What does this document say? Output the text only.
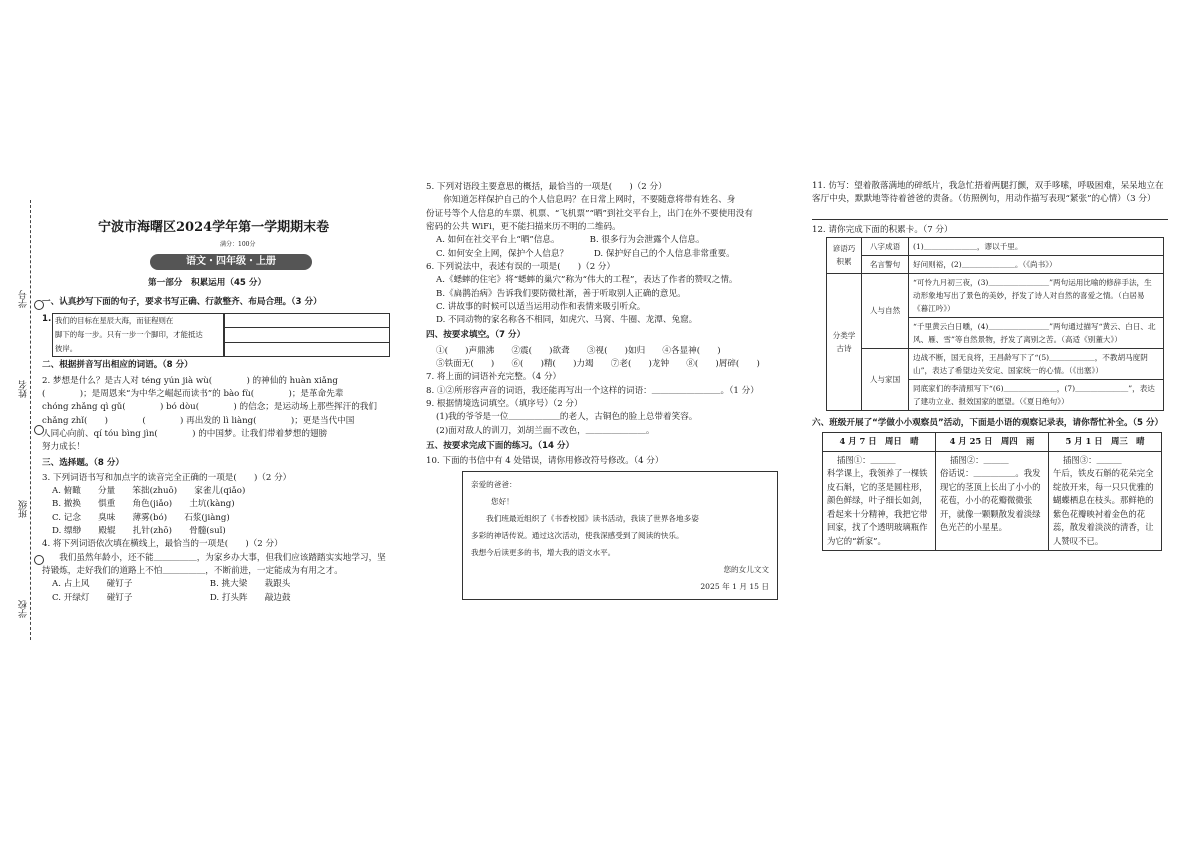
学号
姓名
班级
学校
宁波市海曙区2024学年第一学期期末卷
满分：100分
语文・四年级・上册
第一部分　积累运用（45 分）

一、认真抄写下面的句子，要求书写正确、行款整齐、布局合理。（3 分）

1. 我们的目标在星辰大海，而征程则在
脚下的每一步。只有一步一个脚印，才能抵达
彼岸。

二、根据拼音写出相应的词语。（8 分）

2. 梦想是什么？是古人对 téng yún jià wù(　　　　) 的神仙的 huàn xiǎng
(　　　　)；是周恩来“为中华之崛起而读书”的 bào fù(　　　　)；是革命先辈
chóng zhǎng qì gǔ(　　　　) bó dòu(　　　　) 的信念；是运动场上那些挥汗的我们
chǎng zhǐ(　　)　　　　(　　　　) 再出发的 lì liàng(　　　　)；更是当代中国
人同心向前、qí tóu bìng jìn(　　　　) 的中国梦。让我们带着梦想的翅膀
努力成长！

三、选择题。（8 分）

3. 下列词语书写和加点字的读音完全正确的一项是(　　)（2 分）
A. 俯瞰　　分量　　笨拙(zhuō)　　家雀儿(qiǎo)
B. 撤换　　惧重　　角色(jiǎo)　　土坑(kàng)
C. 记念　　臭味　　薄雾(bó)　　石浆(jiàng)
D. 缥缈　　殿辊　　扎针(zhō)　　骨髓(suǐ)
4. 将下列词语依次填在横线上，最恰当的一项是(　　)（2 分）
　　我们虽然年龄小，还不能＿＿＿＿＿，为家乡办大事，但我们应该踏踏实实地学习，坚
持锻炼，走好我们的道路上不怕＿＿＿＿＿，不断前进，一定能成为有用之才。
A. 占上风　　碰钉子　　　　　　　　　B. 挑大梁　　栽跟头
C. 开绿灯　　碰钉子　　　　　　　　　D. 打头阵　　敲边鼓
5. 下列对语段主要意思的概括，最恰当的一项是(　　)（2 分）
　　你知道怎样保护自己的个人信息吗？在日常上网时，不要随意将带有姓名、身
份证号等个人信息的车票、机票、“飞机票”“晒”到社交平台上，出门在外不要使用没有
密码的公共 WiFi，更不能扫描来历不明的二维码。
A. 如何在社交平台上“晒”信息。　　　　B. 很多行为会泄露个人信息。
C. 如何安全上网，保护个人信息？　　　D. 保护好自己的个人信息非常重要。
6. 下列说法中，表述有误的一项是(　　)（2 分）
A.《蟋蟀的住宅》将“蟋蟀的巢穴”称为“伟大的工程”，表达了作者的赞叹之情。
B.《扁鹊治病》告诉我们要防微杜渐，善于听取别人正确的意见。
C. 讲故事的时候可以适当运用动作和表情来吸引听众。
D. 不同动物的家名称各不相同，如虎穴、马窝、牛圈、龙潭、兔窟。

四、按要求填空。（7 分）

①(　　)声鼎沸　　②震(　　)欲聋　　③视(　　)如归　　④各显神(　　)
⑤铁面无(　　)　　⑥(　　)精(　　)力竭　　⑦老(　　)龙钟　　⑧(　　)屑碎(　　)
7. 将上面的词语补充完整。（4 分）
8. ①②所形容声音的词语，我还能再写出一个这样的词语：＿＿＿＿＿＿＿＿。（1 分）
9. 根据情境选词填空。（填序号）（2 分）
(1)我的爷爷是一位＿＿＿＿＿＿的老人，古铜色的脸上总带着笑容。
(2)面对敌人的训刀，刘胡兰面不改色，＿＿＿＿＿＿＿。

五、按要求完成下面的练习。（14 分）

10. 下面的书信中有 4 处错误，请你用修改符号修改。（4 分）
亲爱的爸爸：
您好！
　　我们班最近组织了《书香校园》读书活动，我读了世界各地多姿
多彩的神话传说。通过这次活动，使我深感受到了阅读的快乐。
我想今后读更多的书，增大我的语文水平。
您的女儿文文
2025 年 1 月 15 日

11. 仿写：望着散落满地的碎纸片，我急忙捂着两腿打颤，双手哆嗦，呼吸困难，呆呆地立在客厅中央，默默地等待着爸爸的责备。（仿照例句，用动作描写表现“紧张”的心情）（3 分）

12. 请你完成下面的积累卡。（7 分）

谚语巧积累	八字成语	(1)＿＿＿＿＿＿＿，谬以千里。
	名言警句	好问则裕，(2)＿＿＿＿＿＿＿。（《尚书》）
分类学古诗	人与自然	“可怜九月初三夜，(3)＿＿＿＿＿＿＿＿”两句运用比喻的修辞手法，生动形象地写出了景色的美妙，抒发了诗人对自然的喜爱之情。（白居易《暮江吟》）
		“千里黄云白日曛，(4)＿＿＿＿＿＿＿＿”两句通过描写“黄云、白日、北风、雁、雪”等自然景物，抒发了离别之苦。（高适《别董大》）
	人与家国	边战不断，国无良将，王昌龄写下了“(5)＿＿＿＿＿＿，不教胡马度阴山”，表达了希望边关安定、国家统一的心情。（《出塞》）
		同底家们的李清照写下“(6)＿＿＿＿＿＿＿，(7)＿＿＿＿＿＿＿”，表达了建功立业、报效国家的愿望。（《夏日绝句》）

六、班级开展了“学做小小观察员”活动，下面是小语的观察记录表，请你帮忙补全。（5 分）

4 月 7 日　周日　晴	4 月 25 日　周四　雨	5 月 1 日　周三　晴

插图①：＿＿＿
科学课上，我领养了一棵铁皮石斛，它的茎是圆柱形，颜色鲜绿，叶子细长如剑，看起来十分精神，我把它带回家，找了个透明玻璃瓶作为它的“新家”。	插图②：＿＿＿
俗话说：＿＿＿＿＿。我发现它的茎顶上长出了小小的花苞，小小的花瓣微微张开，就像一颗颗散发着淡绿色光芒的小星星。	插图③：＿＿＿
午后，铁皮石斛的花朵完全绽放开来，每一只只优雅的蝴蝶栖息在枝头。那鲜艳的紫色花瓣映衬着金色的花蕊，散发着淡淡的清香，让人赞叹不已。
